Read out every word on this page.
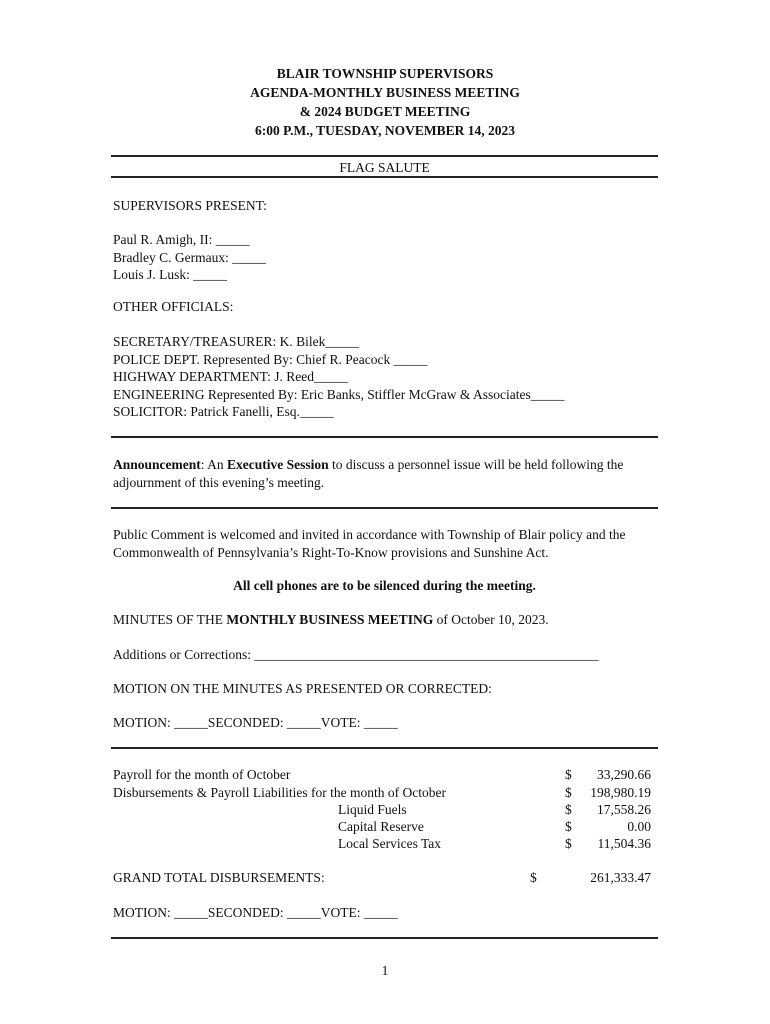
BLAIR TOWNSHIP SUPERVISORS
AGENDA-MONTHLY BUSINESS MEETING
& 2024 BUDGET MEETING
6:00 P.M., TUESDAY, NOVEMBER 14, 2023
FLAG SALUTE
SUPERVISORS PRESENT:
Paul R. Amigh, II: _____
Bradley C. Germaux: _____
Louis J. Lusk: _____
OTHER OFFICIALS:
SECRETARY/TREASURER: K. Bilek_____
POLICE DEPT. Represented By: Chief R. Peacock _____
HIGHWAY DEPARTMENT: J. Reed_____
ENGINEERING Represented By: Eric Banks, Stiffler McGraw & Associates_____
SOLICITOR: Patrick Fanelli, Esq._____
Announcement: An Executive Session to discuss a personnel issue will be held following the adjournment of this evening’s meeting.
Public Comment is welcomed and invited in accordance with Township of Blair policy and the Commonwealth of Pennsylvania’s Right-To-Know provisions and Sunshine Act.
All cell phones are to be silenced during the meeting.
MINUTES OF THE MONTHLY BUSINESS MEETING of October 10, 2023.
Additions or Corrections: ___________________________________________________
MOTION ON THE MINUTES AS PRESENTED OR CORRECTED:
MOTION: _____SECONDED: _____VOTE: _____
Payroll for the month of October	$ 33,290.66
Disbursements & Payroll Liabilities for the month of October	$ 198,980.19
Liquid Fuels	$ 17,558.26
Capital Reserve	$	0.00
Local Services Tax	$ 11,504.36
GRAND TOTAL DISBURSEMENTS:	$	261,333.47
MOTION: _____SECONDED: _____VOTE: _____
1
